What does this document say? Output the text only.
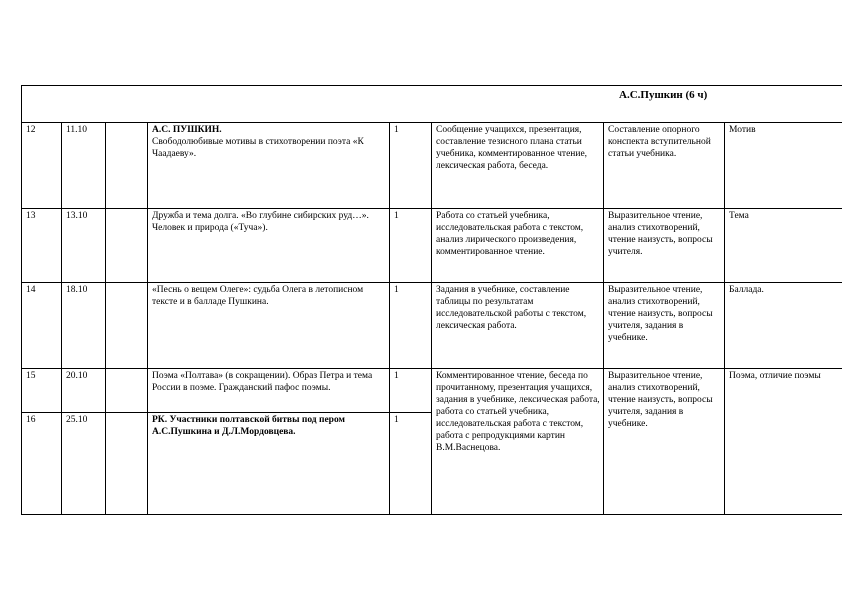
А.С.Пушкин (6 ч)							

12	11.10		А.С. ПУШКИН.
Свободолюбивые мотивы в стихотворении поэта «К Чаадаеву».	1	Сообщение учащихся, презентация, составление тезисного плана статьи учебника, комментированное чтение, лексическая работа, беседа.	Составление опорного конспекта вступительной статьи учебника.	Мотив
13	13.10		Дружба и тема долга. «Во глубине сибирских руд…».
Человек и природа («Туча»).	1	Работа со статьей учебника, исследовательская работа с текстом, анализ лирического произведения, комментированное чтение.	Выразительное чтение, анализ стихотворений, чтение наизусть, вопросы учителя.	Тема
14	18.10		«Песнь о вещем Олеге»: судьба Олега в летописном тексте и в балладе Пушкина.	1	Задания в учебнике, составление таблицы по результатам исследовательской работы с текстом, лексическая работа.	Выразительное чтение, анализ стихотворений, чтение наизусть, вопросы учителя, задания в учебнике.	Баллада.
15	20.10		Поэма «Полтава» (в сокращении). Образ Петра и тема России в поэме. Гражданский пафос поэмы.	1	Комментированное чтение, беседа по прочитанному, презентация учащихся, задания в учебнике, лексическая работа, работа со статьей учебника, исследовательская работа с текстом, работа с репродукциями картин В.М.Васнецова.	Выразительное чтение, анализ стихотворений, чтение наизусть, вопросы учителя, задания в учебнике.	Поэма, отличие поэмы
16	25.10		РК. Участники полтавской битвы под пером А.С.Пушкина и Д.Л.Мордовцева.	1			
